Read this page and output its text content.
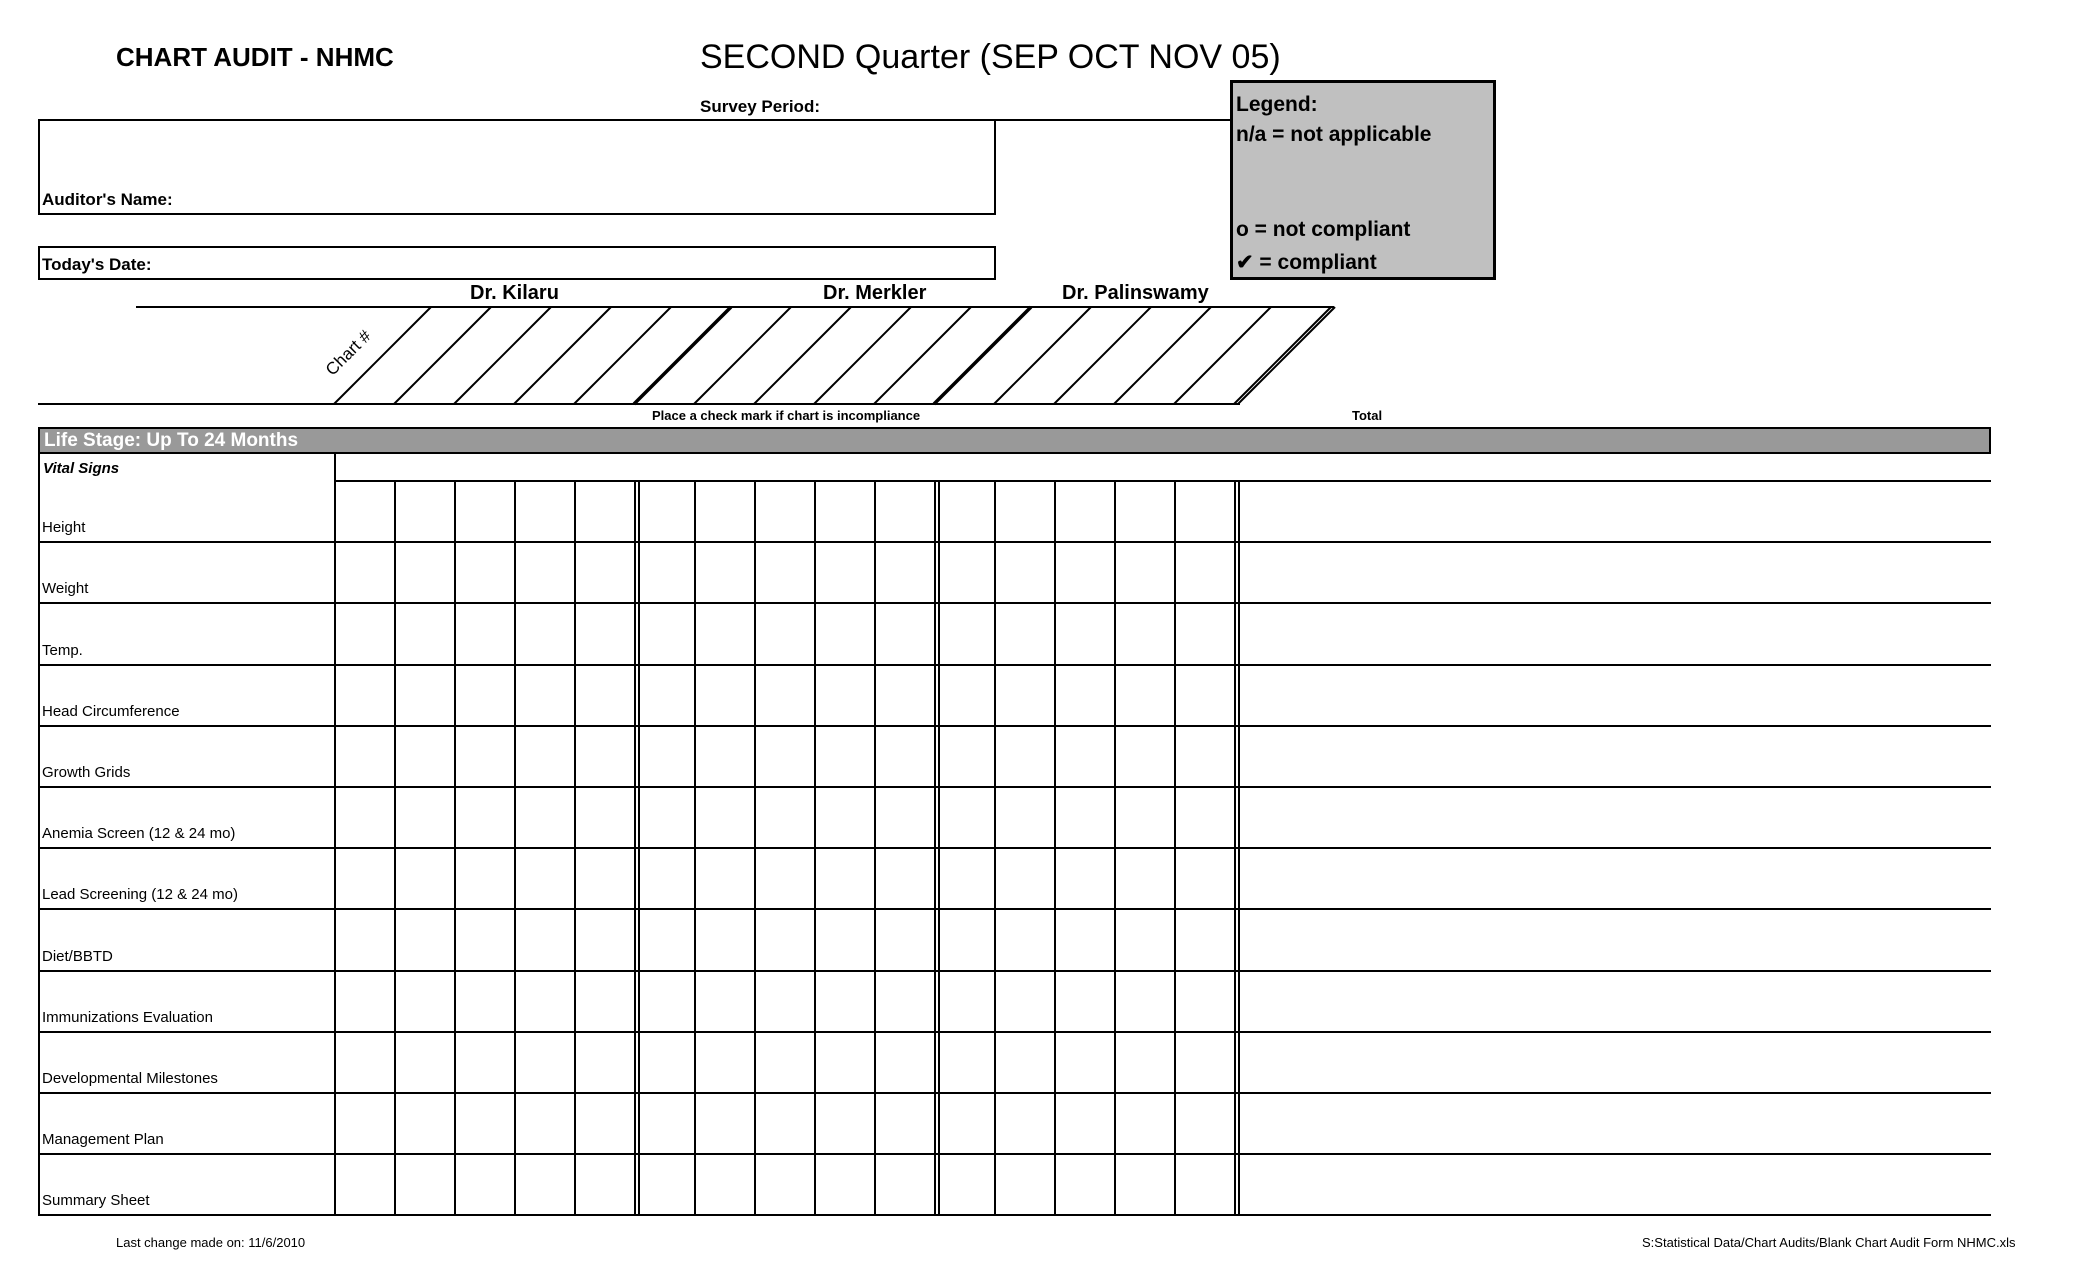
CHART AUDIT - NHMC	SECOND Quarter (SEP OCT NOV 05)
Survey Period:	Legend:
n/a = not applicable
o = not compliant
✔ = compliant
Auditor's Name:
Today's Date:
Dr. Kilaru	Dr. Merkler	Dr. Palinswamy
Chart #
Place a check mark if chart is incompliance	Total
Life Stage: Up To 24 Months
Vital Signs
Height
Weight
Temp.
Head Circumference
Growth Grids
Anemia Screen (12 & 24 mo)
Lead Screening (12 & 24 mo)
Diet/BBTD
Immunizations Evaluation
Developmental Milestones
Management Plan
Summary Sheet
Last change made on: 11/6/2010	S:Statistical Data/Chart Audits/Blank Chart Audit Form NHMC.xls
